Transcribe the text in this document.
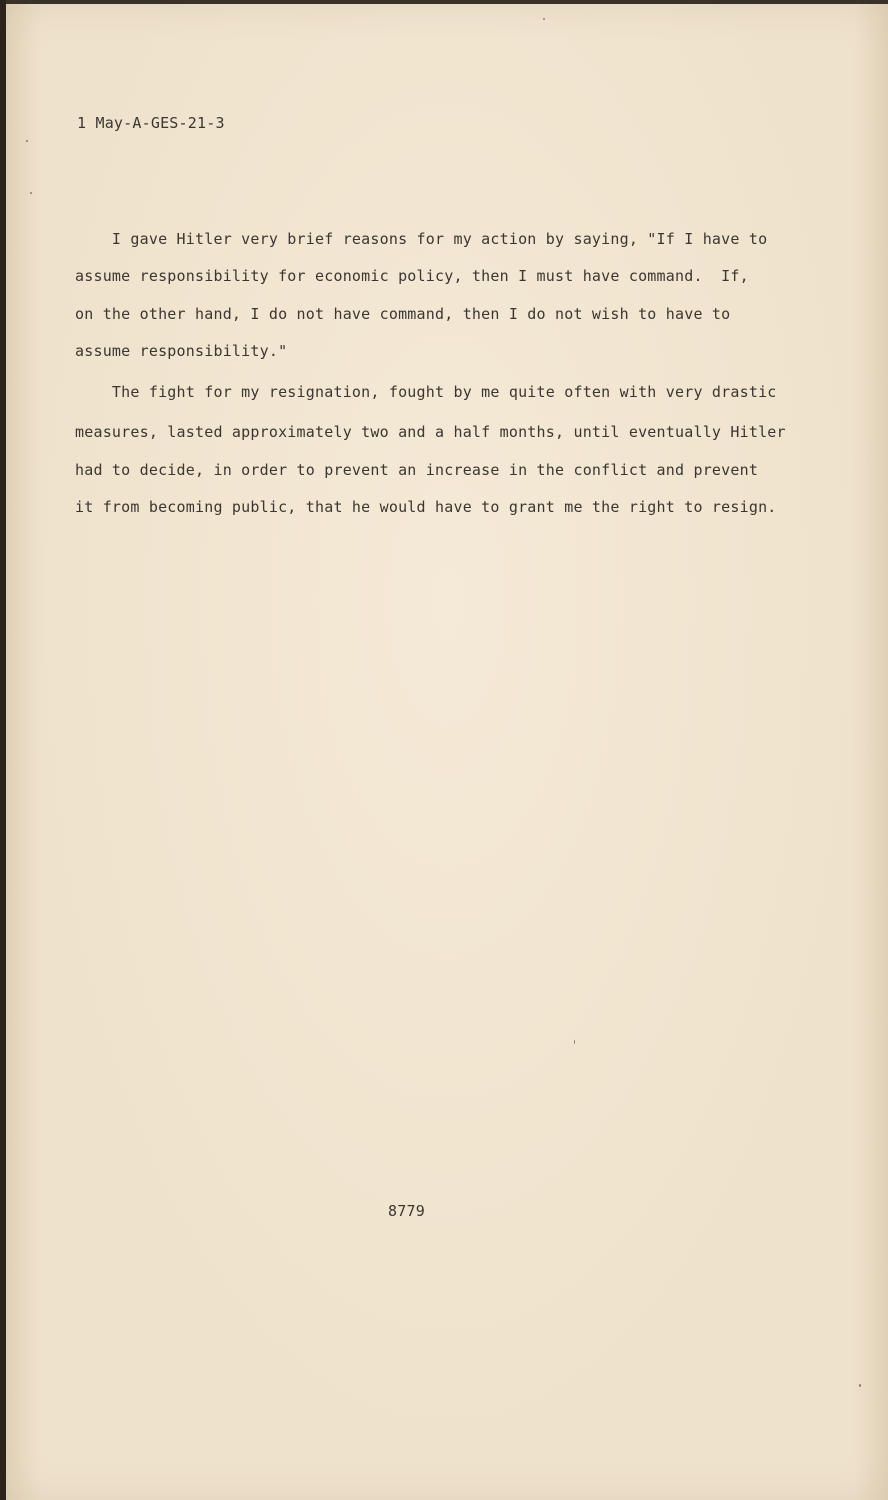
1 May-A-GES-21-3

I gave Hitler very brief reasons for my action by saying, "If I have to

assume responsibility for economic policy, then I must have command.  If,

on the other hand, I do not have command, then I do not wish to have to

assume responsibility."

The fight for my resignation, fought by me quite often with very drastic

measures, lasted approximately two and a half months, until eventually Hitler

had to decide, in order to prevent an increase in the conflict and prevent

it from becoming public, that he would have to grant me the right to resign.

8779
